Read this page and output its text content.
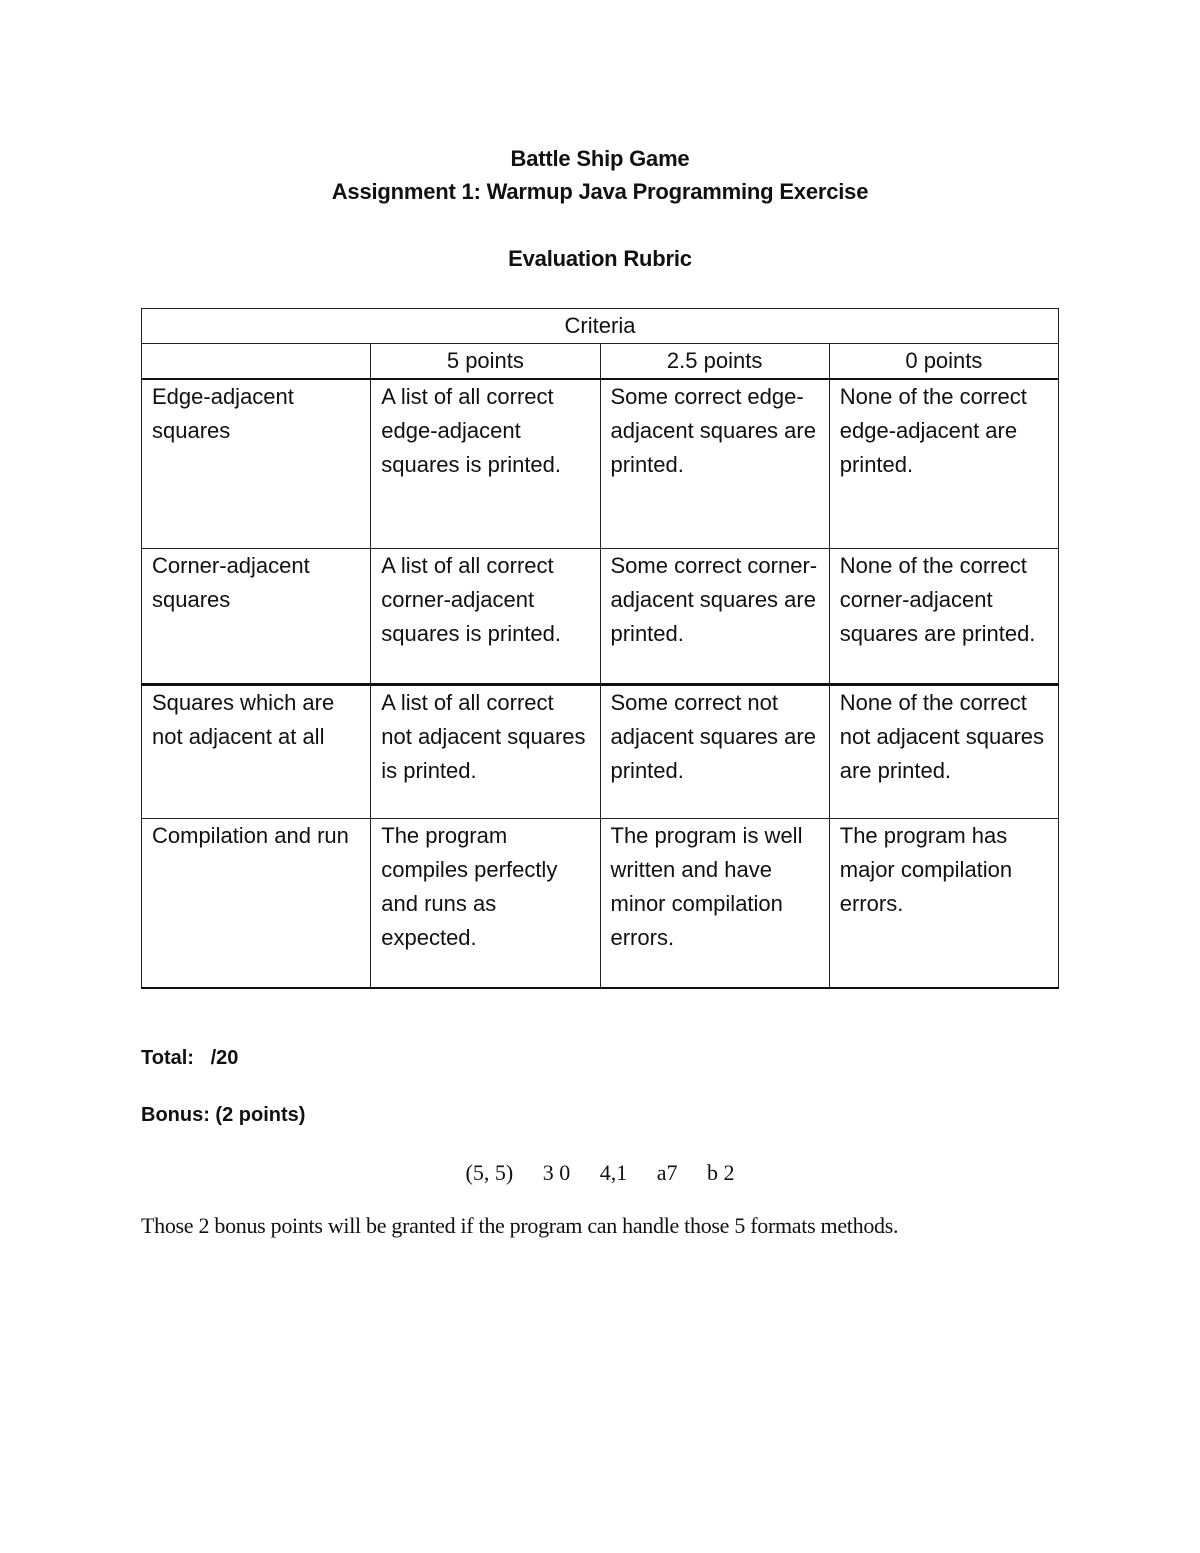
Battle Ship Game
Assignment 1: Warmup Java Programming Exercise
Evaluation Rubric
Criteria			
	5 points	2.5 points	0 points
Edge-adjacent squares	A list of all correct edge-adjacent squares is printed.	Some correct edge-adjacent squares are printed.	None of the correct edge-adjacent are printed.
Corner-adjacent squares	A list of all correct corner-adjacent squares is printed.	Some correct corner-adjacent squares are printed.	None of the correct corner-adjacent squares are printed.
Squares which are not adjacent at all	A list of all correct not adjacent squares is printed.	Some correct not adjacent squares are printed.	None of the correct not adjacent squares are printed.
Compilation and run	The program compiles perfectly and runs as expected.	The program is well written and have minor compilation errors.	The program has major compilation errors.
Total:   /20
Bonus: (2 points)
(5, 5) 3 0 4,1 a7 b 2
Those 2 bonus points will be granted if the program can handle those 5 formats methods.
